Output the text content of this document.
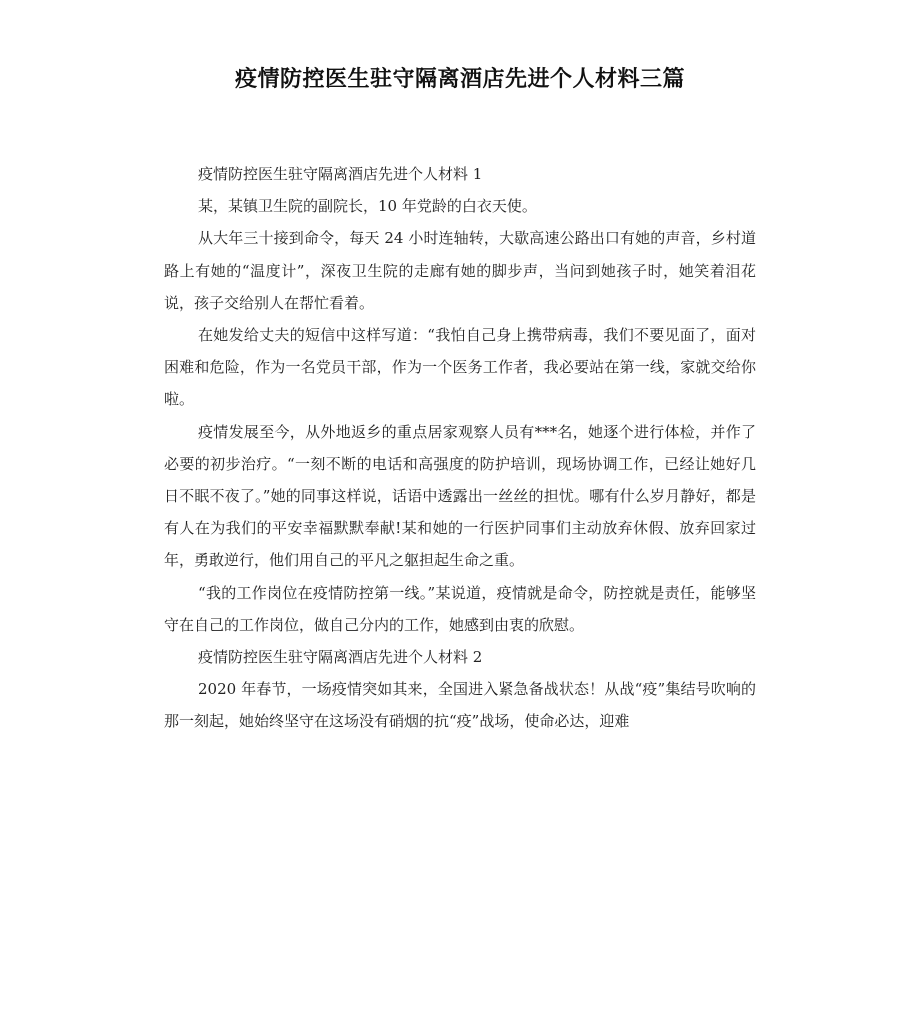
疫情防控医生驻守隔离酒店先进个人材料三篇

疫情防控医生驻守隔离酒店先进个人材料 1

某，某镇卫生院的副院长，10 年党龄的白衣天使。

从大年三十接到命令，每天 24 小时连轴转，大歇高速公路出口有她的声音，乡村道路上有她的“温度计”，深夜卫生院的走廊有她的脚步声，当问到她孩子时，她笑着泪花说，孩子交给别人在帮忙看着。

在她发给丈夫的短信中这样写道：“我怕自己身上携带病毒，我们不要见面了，面对困难和危险，作为一名党员干部，作为一个医务工作者，我必要站在第一线，家就交给你啦。

疫情发展至今，从外地返乡的重点居家观察人员有***名，她逐个进行体检，并作了必要的初步治疗。“一刻不断的电话和高强度的防护培训，现场协调工作，已经让她好几日不眠不夜了。”她的同事这样说，话语中透露出一丝丝的担忧。哪有什么岁月静好，都是有人在为我们的平安幸福默默奉献!某和她的一行医护同事们主动放弃休假、放弃回家过年，勇敢逆行，他们用自己的平凡之躯担起生命之重。

“我的工作岗位在疫情防控第一线。”某说道，疫情就是命令，防控就是责任，能够坚守在自己的工作岗位，做自己分内的工作，她感到由衷的欣慰。

疫情防控医生驻守隔离酒店先进个人材料 2

2020 年春节，一场疫情突如其来，全国进入紧急备战状态！从战“疫”集结号吹响的那一刻起，她始终坚守在这场没有硝烟的抗“疫”战场，使命必达，迎难
